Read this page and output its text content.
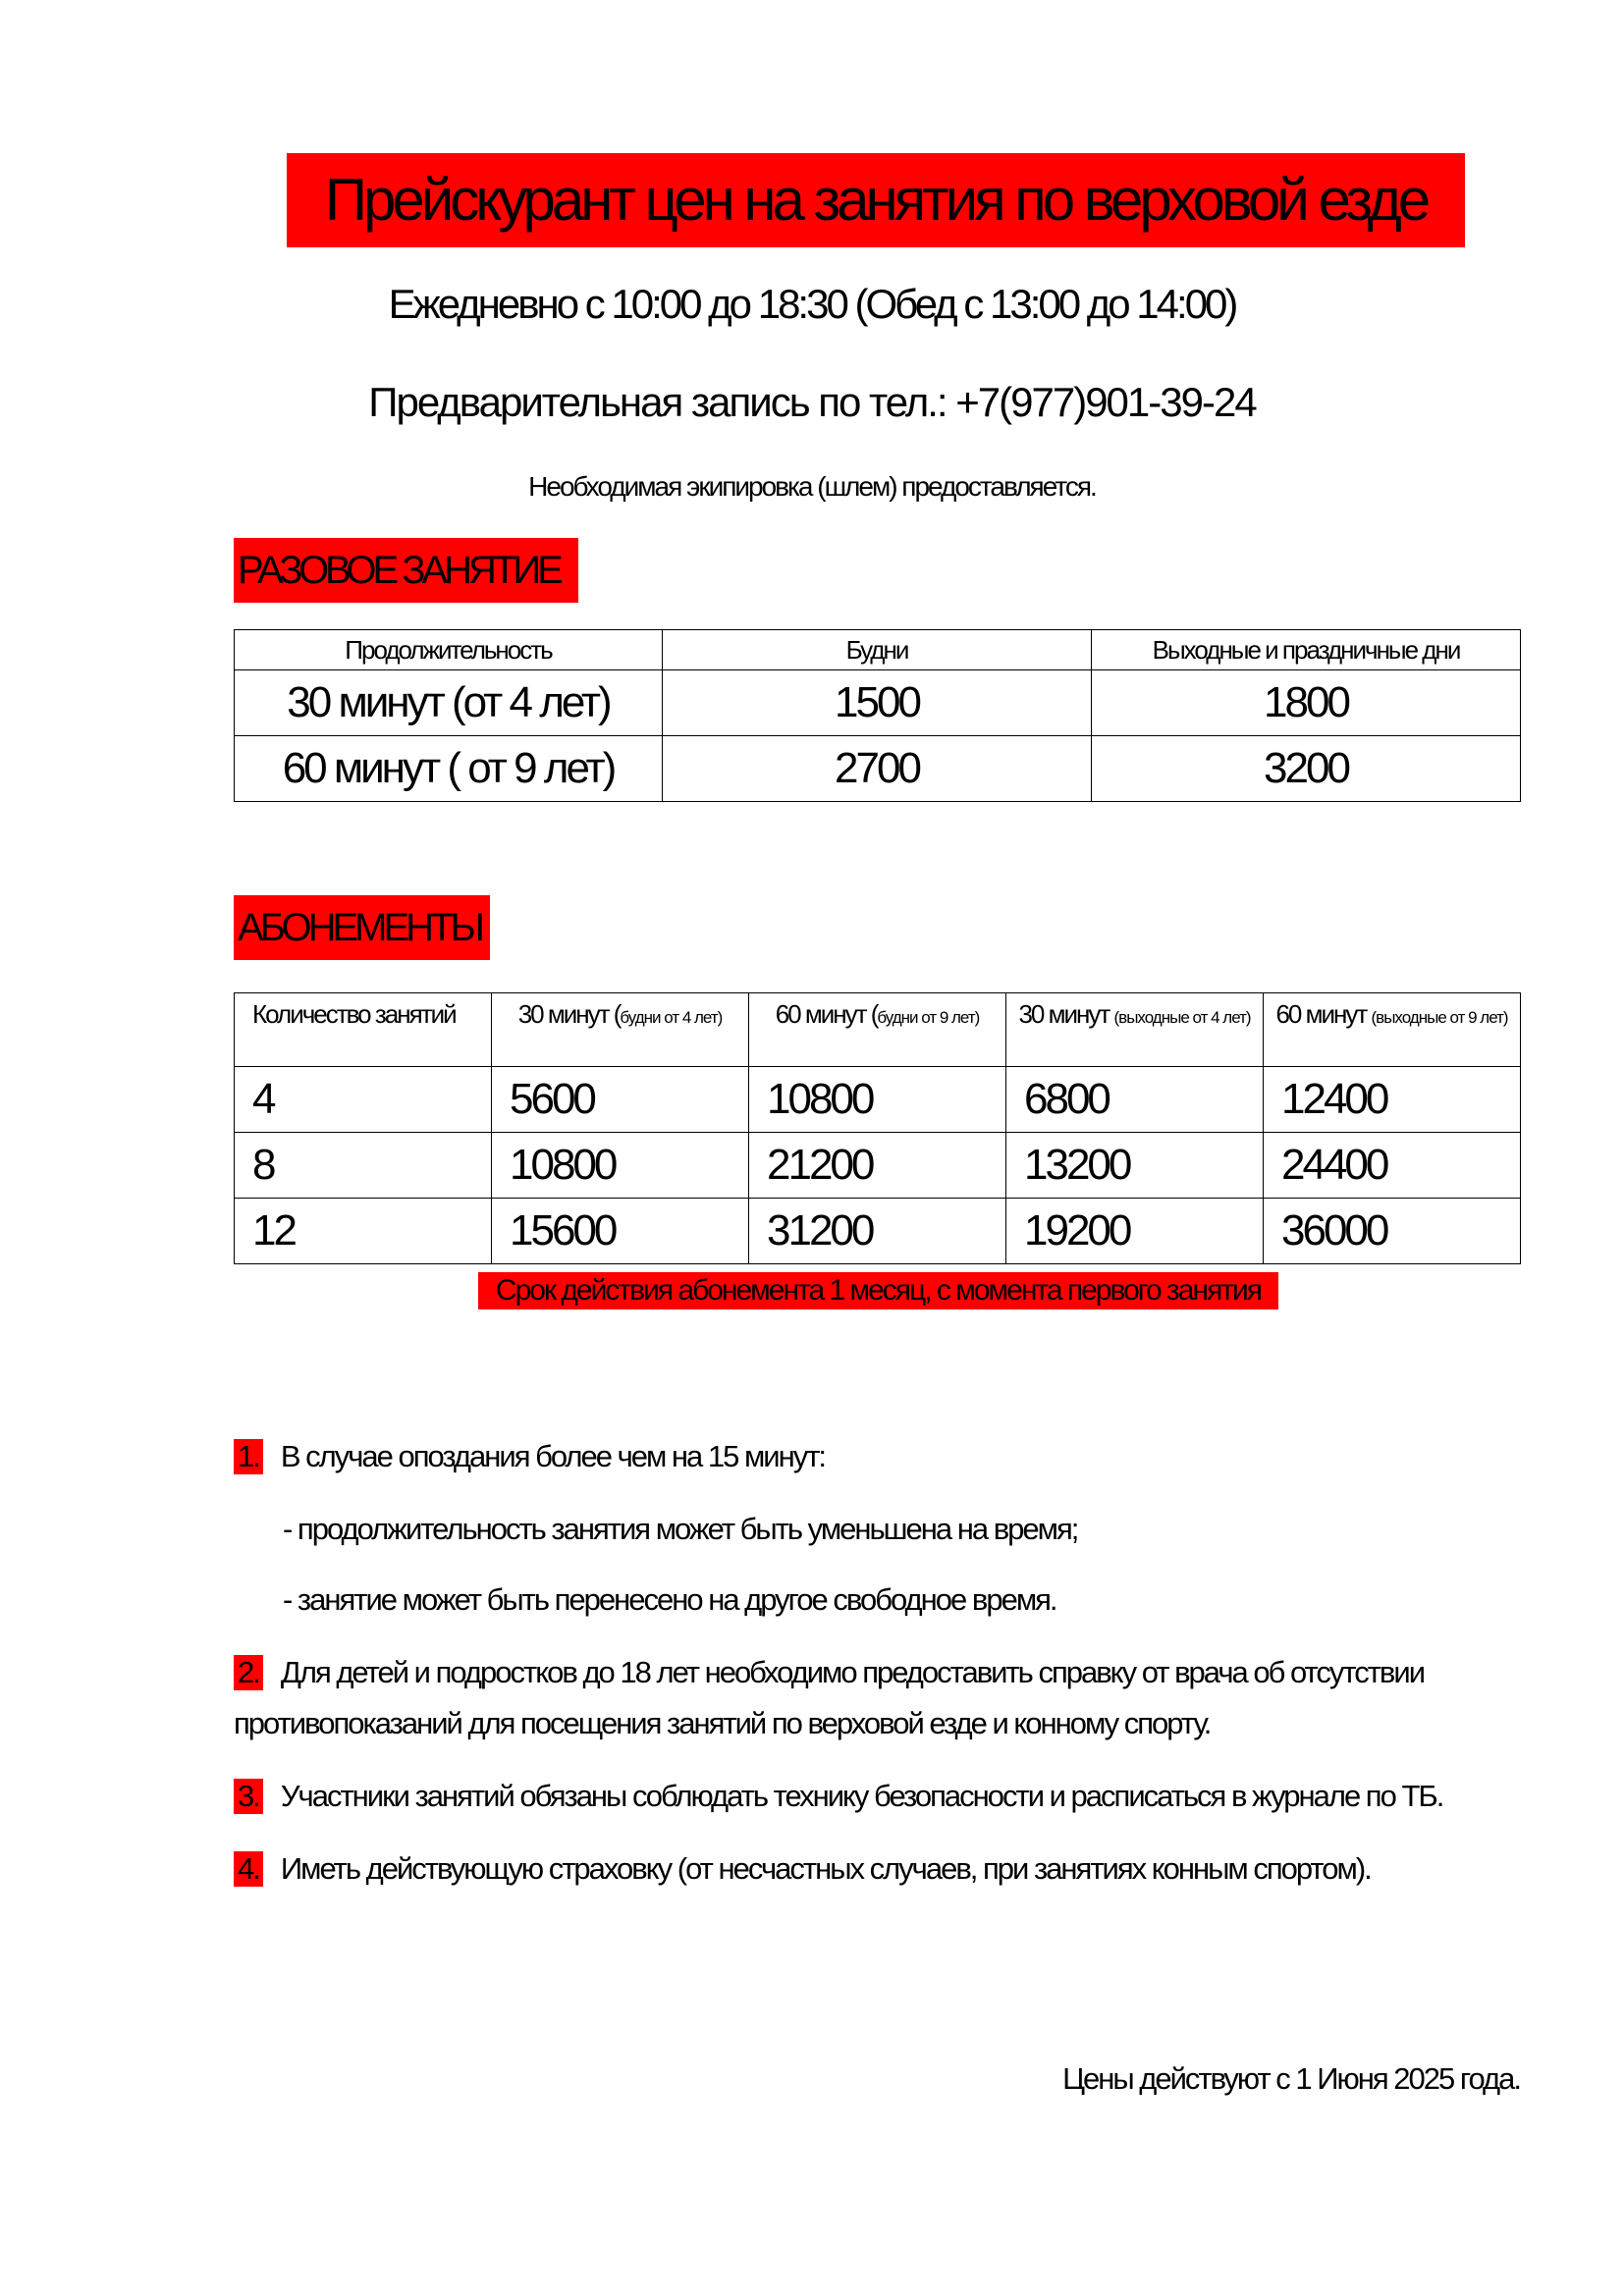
Прейскурант цен на занятия по верховой езде
Ежедневно с 10:00 до 18:30 (Обед с 13:00 до 14:00)
Предварительная запись по тел.: +7(977)901-39-24
Необходимая экипировка (шлем) предоставляется.
РАЗОВОЕ ЗАНЯТИЕ
Продолжительность	Будни	Выходные и праздничные дни
30 минут (от 4 лет)	1500	1800
60 минут ( от 9 лет)	2700	3200
АБОНЕМЕНТЫ
Количество занятий	30 минут (будни от 4 лет)	60 минут (будни от 9 лет)	30 минут (выходные от 4 лет)	60 минут (выходные от 9 лет)
4	5600	10800	6800	12400
8	10800	21200	13200	24400
12	15600	31200	19200	36000
Срок действия абонемента 1 месяц, с момента первого занятия
1. В случае опоздания более чем на 15 минут:
- продолжительность занятия может быть уменьшена на время;
- занятие может быть перенесено на другое свободное время.
2. Для детей и подростков до 18 лет необходимо предоставить справку от врача об отсутствии
противопоказаний для посещения занятий по верховой езде и конному спорту.
3. Участники занятий обязаны соблюдать технику безопасности и расписаться в журнале по ТБ.
4. Иметь действующую страховку (от несчастных случаев, при занятиях конным спортом).
Цены действуют с 1 Июня 2025 года.
